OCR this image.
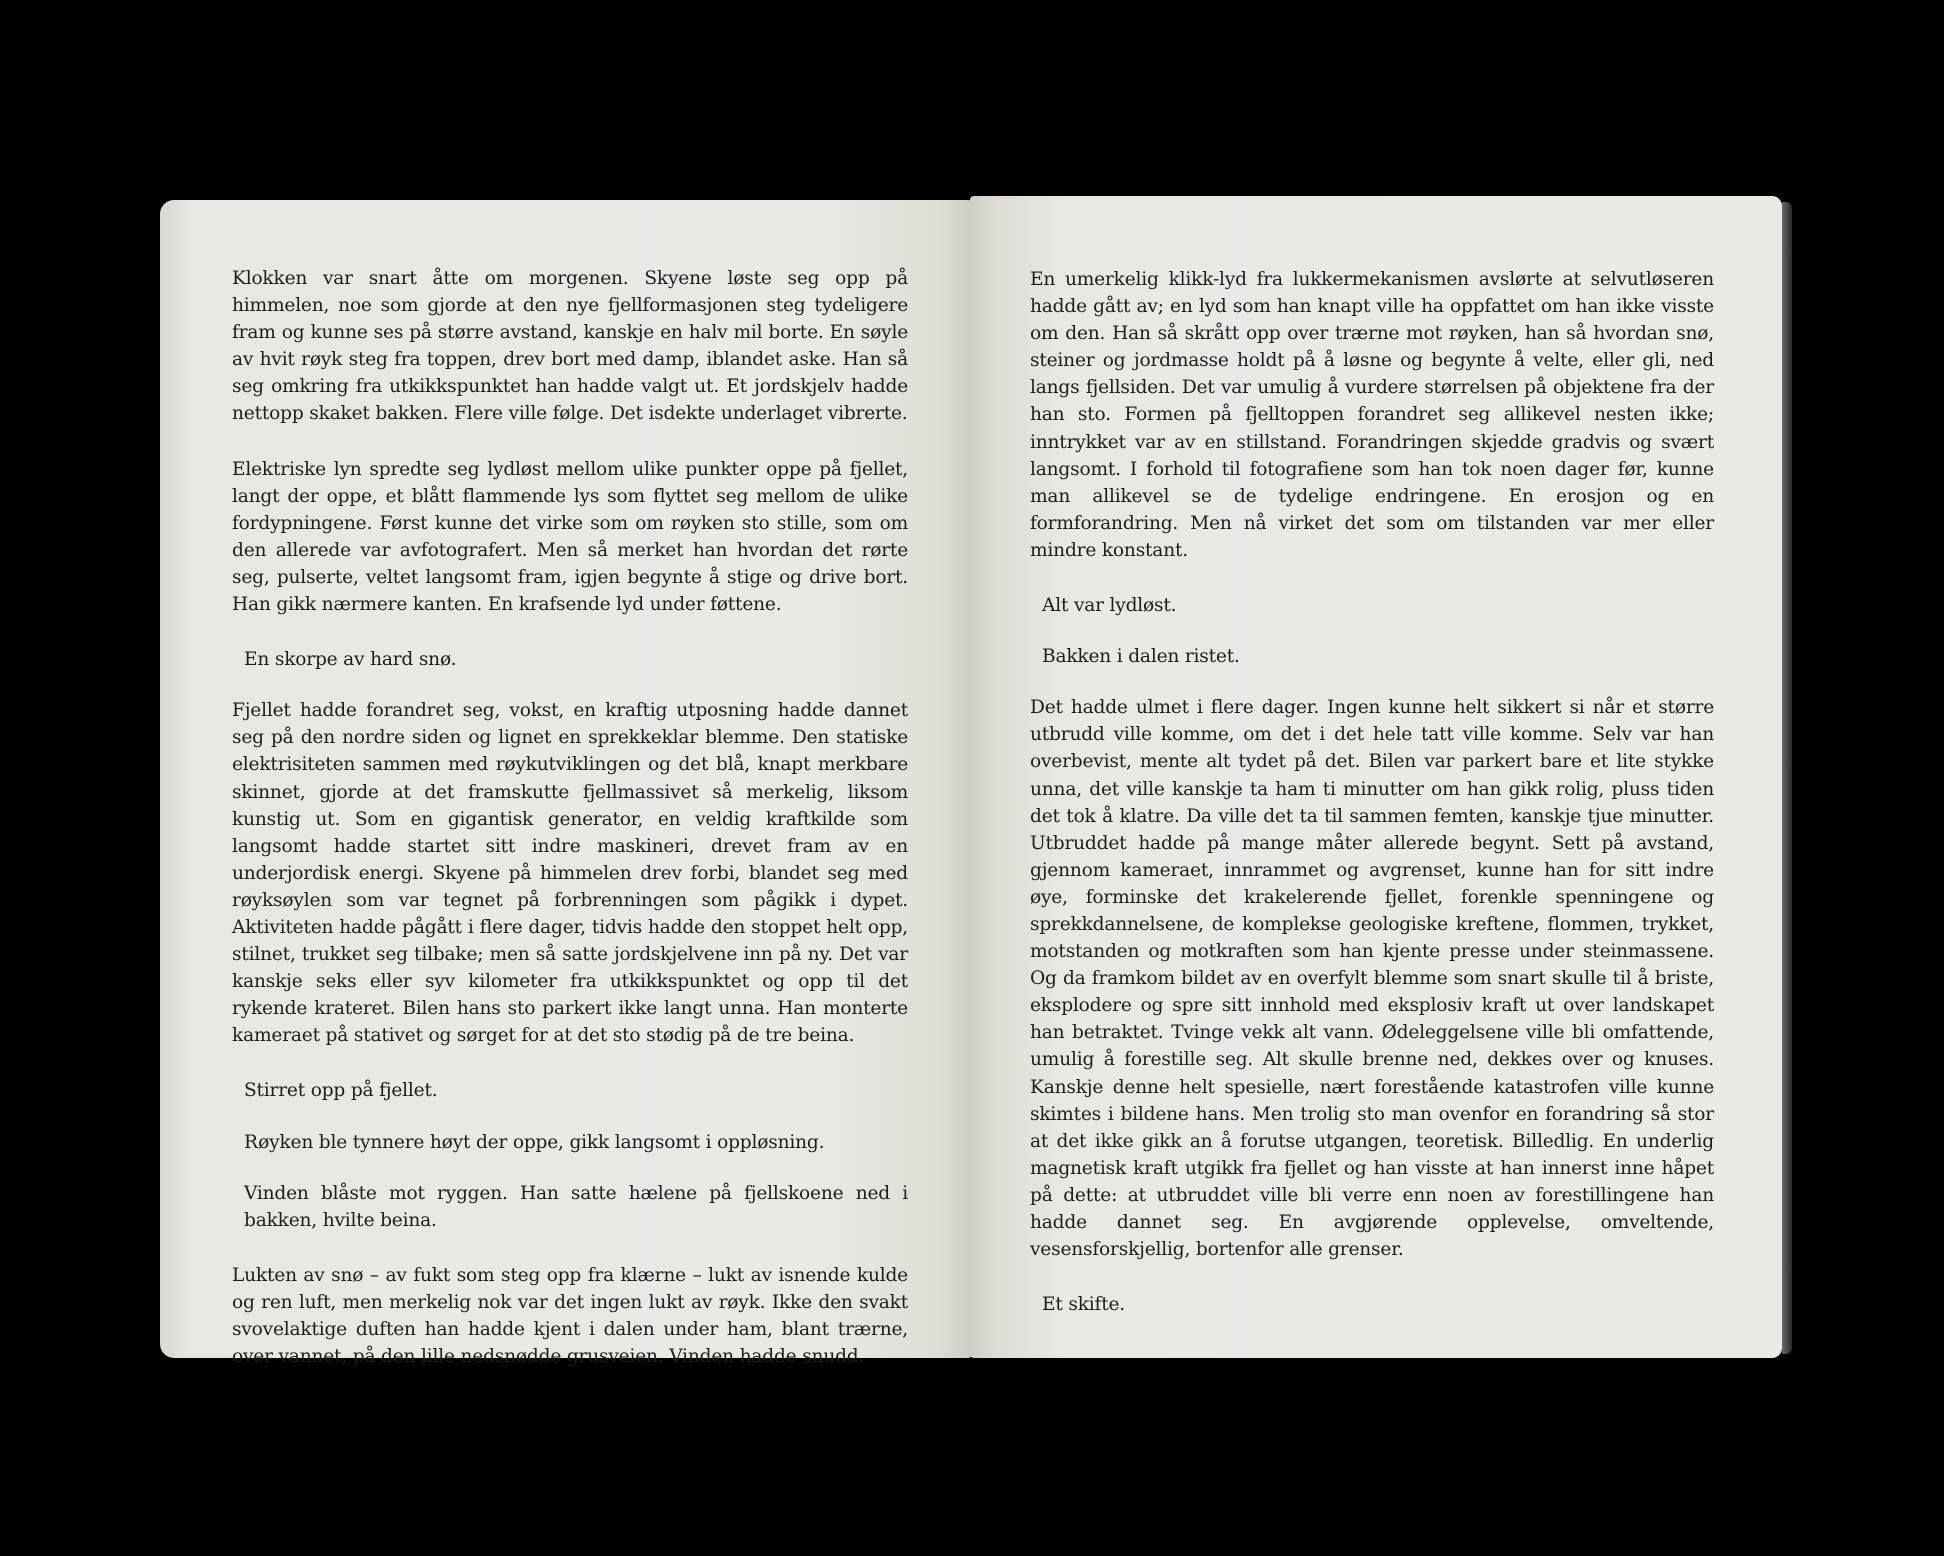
Klokken var snart åtte om morgenen. Skyene løste seg opp på himmelen, noe som gjorde at den nye fjellformasjonen steg tydeligere fram og kunne ses på større avstand, kanskje en halv mil borte. En søyle av hvit røyk steg fra toppen, drev bort med damp, iblandet aske. Han så seg omkring fra utkikkspunktet han hadde valgt ut. Et jordskjelv hadde nettopp skaket bakken. Flere ville følge. Det isdekte underlaget vibrerte.

Elektriske lyn spredte seg lydløst mellom ulike punkter oppe på fjellet, langt der oppe, et blått flammende lys som flyttet seg mellom de ulike fordypningene. Først kunne det virke som om røyken sto stille, som om den allerede var avfotografert. Men så merket han hvordan det rørte seg, pulserte, veltet langsomt fram, igjen begynte å stige og drive bort. Han gikk nærmere kanten. En krafsende lyd under føttene.

En skorpe av hard snø.

Fjellet hadde forandret seg, vokst, en kraftig utposning hadde dannet seg på den nordre siden og lignet en sprekkeklar blemme. Den statiske elektrisiteten sammen med røykutviklingen og det blå, knapt merkbare skinnet, gjorde at det framskutte fjellmassivet så merkelig, liksom kunstig ut. Som en gigantisk generator, en veldig kraftkilde som langsomt hadde startet sitt indre maskineri, drevet fram av en underjordisk energi. Skyene på himmelen drev forbi, blandet seg med røyksøylen som var tegnet på forbrenningen som pågikk i dypet. Aktiviteten hadde pågått i flere dager, tidvis hadde den stoppet helt opp, stilnet, trukket seg tilbake; men så satte jordskjelvene inn på ny. Det var kanskje seks eller syv kilometer fra utkikkspunktet og opp til det rykende krateret. Bilen hans sto parkert ikke langt unna. Han monterte kameraet på stativet og sørget for at det sto stødig på de tre beina.

Stirret opp på fjellet.

Røyken ble tynnere høyt der oppe, gikk langsomt i oppløsning.

Vinden blåste mot ryggen. Han satte hælene på fjellskoene ned i bakken, hvilte beina.

Lukten av snø – av fukt som steg opp fra klærne – lukt av isnende kulde og ren luft, men merkelig nok var det ingen lukt av røyk. Ikke den svakt svovelaktige duften han hadde kjent i dalen under ham, blant trærne, over vannet, på den lille nedsnødde grusveien. Vinden hadde snudd.

En umerkelig klikk-lyd fra lukkermekanismen avslørte at selvutløseren hadde gått av; en lyd som han knapt ville ha oppfattet om han ikke visste om den. Han så skrått opp over trærne mot røyken, han så hvordan snø, steiner og jordmasse holdt på å løsne og begynte å velte, eller gli, ned langs fjellsiden. Det var umulig å vurdere størrelsen på objektene fra der han sto. Formen på fjelltoppen forandret seg allikevel nesten ikke; inntrykket var av en stillstand. Forandringen skjedde gradvis og svært langsomt. I forhold til fotografiene som han tok noen dager før, kunne man allikevel se de tydelige endringene. En erosjon og en formforandring. Men nå virket det som om tilstanden var mer eller mindre konstant.

Alt var lydløst.

Bakken i dalen ristet.

Det hadde ulmet i flere dager. Ingen kunne helt sikkert si når et større utbrudd ville komme, om det i det hele tatt ville komme. Selv var han overbevist, mente alt tydet på det. Bilen var parkert bare et lite stykke unna, det ville kanskje ta ham ti minutter om han gikk rolig, pluss tiden det tok å klatre. Da ville det ta til sammen femten, kanskje tjue minutter. Utbruddet hadde på mange måter allerede begynt. Sett på avstand, gjennom kameraet, innrammet og avgrenset, kunne han for sitt indre øye, forminske det krakelerende fjellet, forenkle spenningene og sprekkdannelsene, de komplekse geologiske kreftene, flommen, trykket, motstanden og motkraften som han kjente presse under steinmassene. Og da framkom bildet av en overfylt blemme som snart skulle til å briste, eksplodere og spre sitt innhold med eksplosiv kraft ut over landskapet han betraktet. Tvinge vekk alt vann. Ødeleggelsene ville bli omfattende, umulig å forestille seg. Alt skulle brenne ned, dekkes over og knuses. Kanskje denne helt spesielle, nært forestående katastrofen ville kunne skimtes i bildene hans. Men trolig sto man ovenfor en forandring så stor at det ikke gikk an å forutse utgangen, teoretisk. Billedlig. En underlig magnetisk kraft utgikk fra fjellet og han visste at han innerst inne håpet på dette: at utbruddet ville bli verre enn noen av forestillingene han hadde dannet seg. En avgjørende opplevelse, omveltende, vesensforskjellig, bortenfor alle grenser.

Et skifte.
